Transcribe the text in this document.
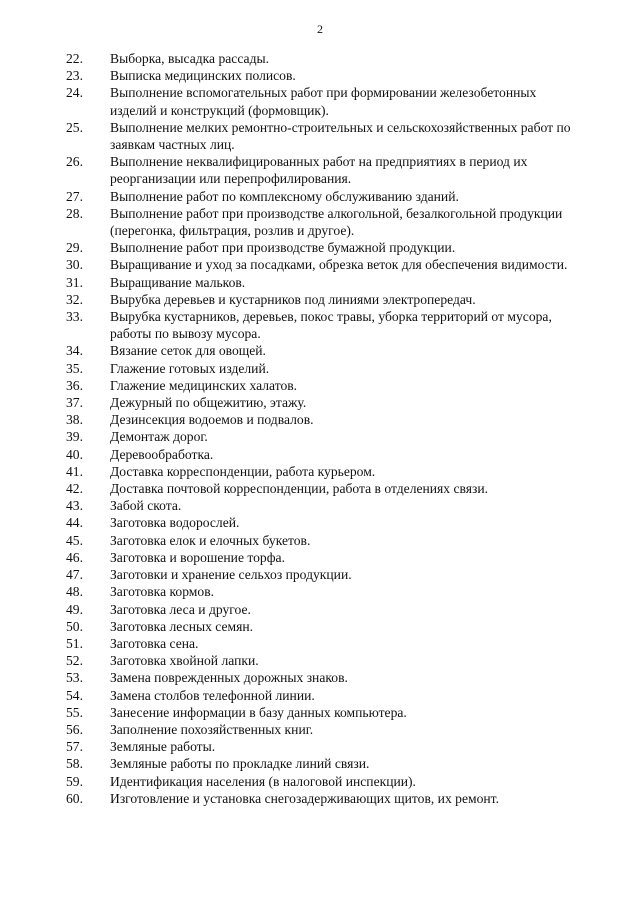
2
22.	Выборка, высадка рассады.
23.	Выписка медицинских полисов.
24.	Выполнение вспомогательных работ при формировании железобетонных изделий и конструкций (формовщик).
25.	Выполнение мелких ремонтно-строительных и сельскохозяйственных работ по заявкам частных лиц.
26.	Выполнение неквалифицированных работ на предприятиях в период их реорганизации или перепрофилирования.
27.	Выполнение работ по комплексному обслуживанию зданий.
28.	Выполнение работ при производстве алкогольной, безалкогольной продукции (перегонка, фильтрация, розлив и другое).
29.	Выполнение работ при производстве бумажной продукции.
30.	Выращивание и уход за посадками, обрезка веток для обеспечения видимости.
31.	Выращивание мальков.
32.	Вырубка деревьев и кустарников под линиями электропередач.
33.	Вырубка кустарников, деревьев, покос травы, уборка территорий от мусора, работы по вывозу мусора.
34.	Вязание сеток для овощей.
35.	Глажение готовых изделий.
36.	Глажение медицинских халатов.
37.	Дежурный по общежитию, этажу.
38.	Дезинсекция водоемов и подвалов.
39.	Демонтаж дорог.
40.	Деревообработка.
41.	Доставка корреспонденции, работа курьером.
42.	Доставка почтовой корреспонденции, работа в отделениях связи.
43.	Забой скота.
44.	Заготовка водорослей.
45.	Заготовка елок и елочных букетов.
46.	Заготовка и ворошение торфа.
47.	Заготовки и хранение сельхоз продукции.
48.	Заготовка кормов.
49.	Заготовка леса и другое.
50.	Заготовка лесных семян.
51.	Заготовка сена.
52.	Заготовка хвойной лапки.
53.	Замена поврежденных дорожных знаков.
54.	Замена столбов телефонной линии.
55.	Занесение информации в базу данных компьютера.
56.	Заполнение похозяйственных книг.
57.	Земляные работы.
58.	Земляные работы по прокладке линий связи.
59.	Идентификация населения (в налоговой инспекции).
60.	Изготовление и установка снегозадерживающих щитов, их ремонт.
